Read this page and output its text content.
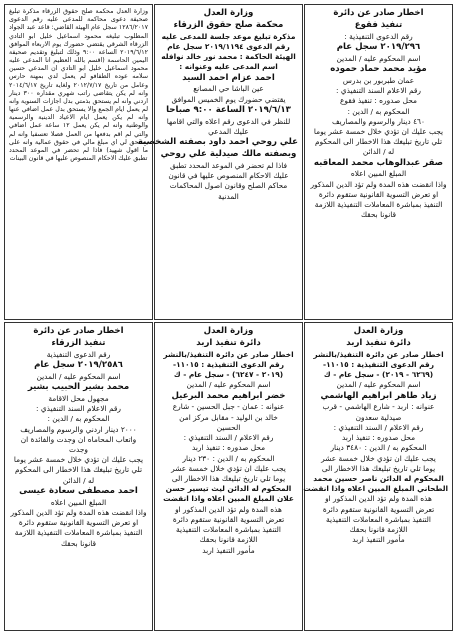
اخطار صادر عن دائرة
تنفيذ فقوع
رقم الدعوى التنفيذية :
٢٠١٩/٢٩٦ سجل عام
اسم المحكوم عليه / المدين
مؤيد محمد حماد حموده
عمان طبربور بن بدرس
رقم الاعلام السند التنفيذي :
محل صدوره : تنفيذ فقوع
المحكوم به / الدين :
٤٦٠ دينار والرسوم والمصاريف
يجب عليك ان تؤدي خلال خمسة عشر يوما
تلي تاريخ تبليغك هذا الاخطار الى المحكوم
له / الدائن
صقر عبدالوهاب محمد المعاقبه
المبلغ المبين اعلاه
واذا انقضت هذه المدة ولم تؤد الدين المذكور
او تعرض التسوية القانونية ستقوم دائرة
التنفيذ بمباشرة المعاملات التنفيذية اللازمة
قانونا بحقك
وزارة العدل
محكمة صلح حقوق الزرقاء
مذكرة تبليغ موعد جلسة للمدعى عليه
رقم الدعوى ٢٠١٩/١١٩٤ سجل عام
الهيئة الحاكمة : محمد نور خالد نوافله
اسم المدعى عليه وعنوانه :
احمد عزام احمد السيد
عين الباشا حي المصانع
يقتضي حضورك يوم الخميس الموافق
٢٠١٩/٦/١٣ الساعة ٩:٠٠ صباحا
للنظر في الدعوى رقم اعلاه والتي اقامها
عليك المدعي
علي روحي احمد داود بصفته الشخصية
وبصفته مالك صيدلية علي روحي
فاذا لم تحضر في الموعد المحدد تطبق
عليك الاحكام المنصوص عليها في قانون
محاكم الصلح وقانون اصول المحاكمات
المدنية
وزارة العدل محكمة صلح حقوق الزرقاء مذكرة تبليغ صحيفة دعوى محاكمة للمدعى عليه رقم الدعوى ١٢٨٦/٢٠١٧ سجل عام الهيئة القاضي: قاعد عبد الجواد المطلوب تبليغه محمود اسماعيل خليل ابو التادي الزرقاء الشرقي يقتضي حضورك يوم الاربعاء الموافق ٢٠١٩/٦/١٢ الساعة ٩:٠٠ وذلك لتبليغ وتقديم صحيفة اليمين الحاسمة (اقسم بالله العظيم انا المدعى عليه محمود اسماعيل خليل ابو التادي ان المدعي حسين سلامه عوده الطفافو لم يعمل لدي بمهنة حارس وعامل من تاريخ ٢٠١٢/٧/١٧ ولغاية تاريخ ٢٠١٤/٦/١٧ وانه لم يكن يتقاضى راتب شهري مقداره ٣٠٠ دينار اردني وانه لم يستحق بذمتي بدل اجازات السنوية وانه لم يعمل ايام الجمع والا يستحق بدل عمل اضافي عنها وانه لم يكن يعمل ايام الاعياد الدينية والرسمية والوطنية وانه لم يكن يعمل ١٢ ساعة عمل اضافي والتي لم اقم بدفعها من العمل فصلا تعسفيا وانه لم يستحق لي اي مبلغ مالي في حقوق عمالية وانه على ما اقول شهيد) فاذا لم تحضر في الموعد المحدد تطبق عليك الاحكام المنصوص عليها في قانون البينات
وزارة العدل
دائرة تنفيذ اربد
اخطار صادر عن دائرة التنفيذ/بالنشر
رقم الدعوى التنفيذية : ١١٠١٥-
(٦٢٦٩ - ٢٠١٩) - سجل عام - ك
اسم المحكوم عليه / المدين
زياد طاهر ابراهيم الهاشمي
عنوانه : اربد - شارع الهاشمي - قرب
صيدلية سعدون
رقم الاعلام / السند التنفيذي :
محل صدوره : تنفيذ اربد
المحكوم به / الدين : ٣٤٨٠ دينار
يجب عليك ان تؤدي خلال خمسة عشر
يوما تلي تاريخ تبليغك هذا الاخطار الى
المحكوم له الدائن ناصر حسين محمد
الطحاني المبلغ المبين اعلاه واذا انقضت
هذه المدة ولم تؤد الدين المذكور او
تعرض التسوية القانونية ستقوم دائرة
التنفيذ بمباشرة المعاملات التنفيذية
اللازمة قانونا بحقك
مأمور التنفيذ اربد
وزارة العدل
دائرة تنفيذ اربد
اخطار صادر عن دائرة التنفيذ/بالنشر
رقم الدعوى التنفيذية : ١١٠١٥-
(٢٠١٩ - ٦٢٤٧) - سجل عام - ك
اسم المحكوم عليه / المدين
خضر ابراهيم محمد البرعيل
عنوانه : عمان - جبل الحسين - شارع
خالد بن الوليد - مقابل مركز امن
الحسين
رقم الاعلام / السند التنفيذي :
محل صدوره : تنفيذ اربد
المحكوم به / الدين : ٢٣٠ دينار
يجب عليك ان تؤدي خلال خمسة عشر
يوما تلي تاريخ تبليغك هذا الاخطار الى
المحكوم له الدائن ليث تيسير حسن
علان المبلغ المبين اعلاه واذا انقضت
هذه المدة ولم تؤد الدين المذكور او
تعرض التسوية القانونية ستقوم دائرة
التنفيذ بمباشرة المعاملات التنفيذية
اللازمة قانونا بحقك
مأمور التنفيذ اربد
اخطار صادر عن دائرة
تنفيذ الزرقاء
رقم الدعوى التنفيذية
٢٠١٩/٢٥٨٦ سجل عام
اسم المحكوم عليه / المدين
محمد بشير الحبيب بشير
مجهول محل الاقامة
رقم الاعلام السند التنفيذي :
المحكوم به / الدين :
٢٠٠٠ دينار اردني والرسوم والمصاريف
واتعاب المحاماه ان وجدت والفائدة ان
وجدت
يجب عليك ان تؤدي خلال خمسة عشر يوما
تلي تاريخ تبليغك هذا الاخطار الى المحكوم
له / الدائن
احمد مصطفى سعادة عيسى
المبلغ المبين اعلاه
واذا انقضت هذه المدة ولم تؤد الدين المذكور
او تعرض التسوية القانونية ستقوم دائرة
التنفيذ بمباشرة المعاملات التنفيذية اللازمة
قانونا بحقك
